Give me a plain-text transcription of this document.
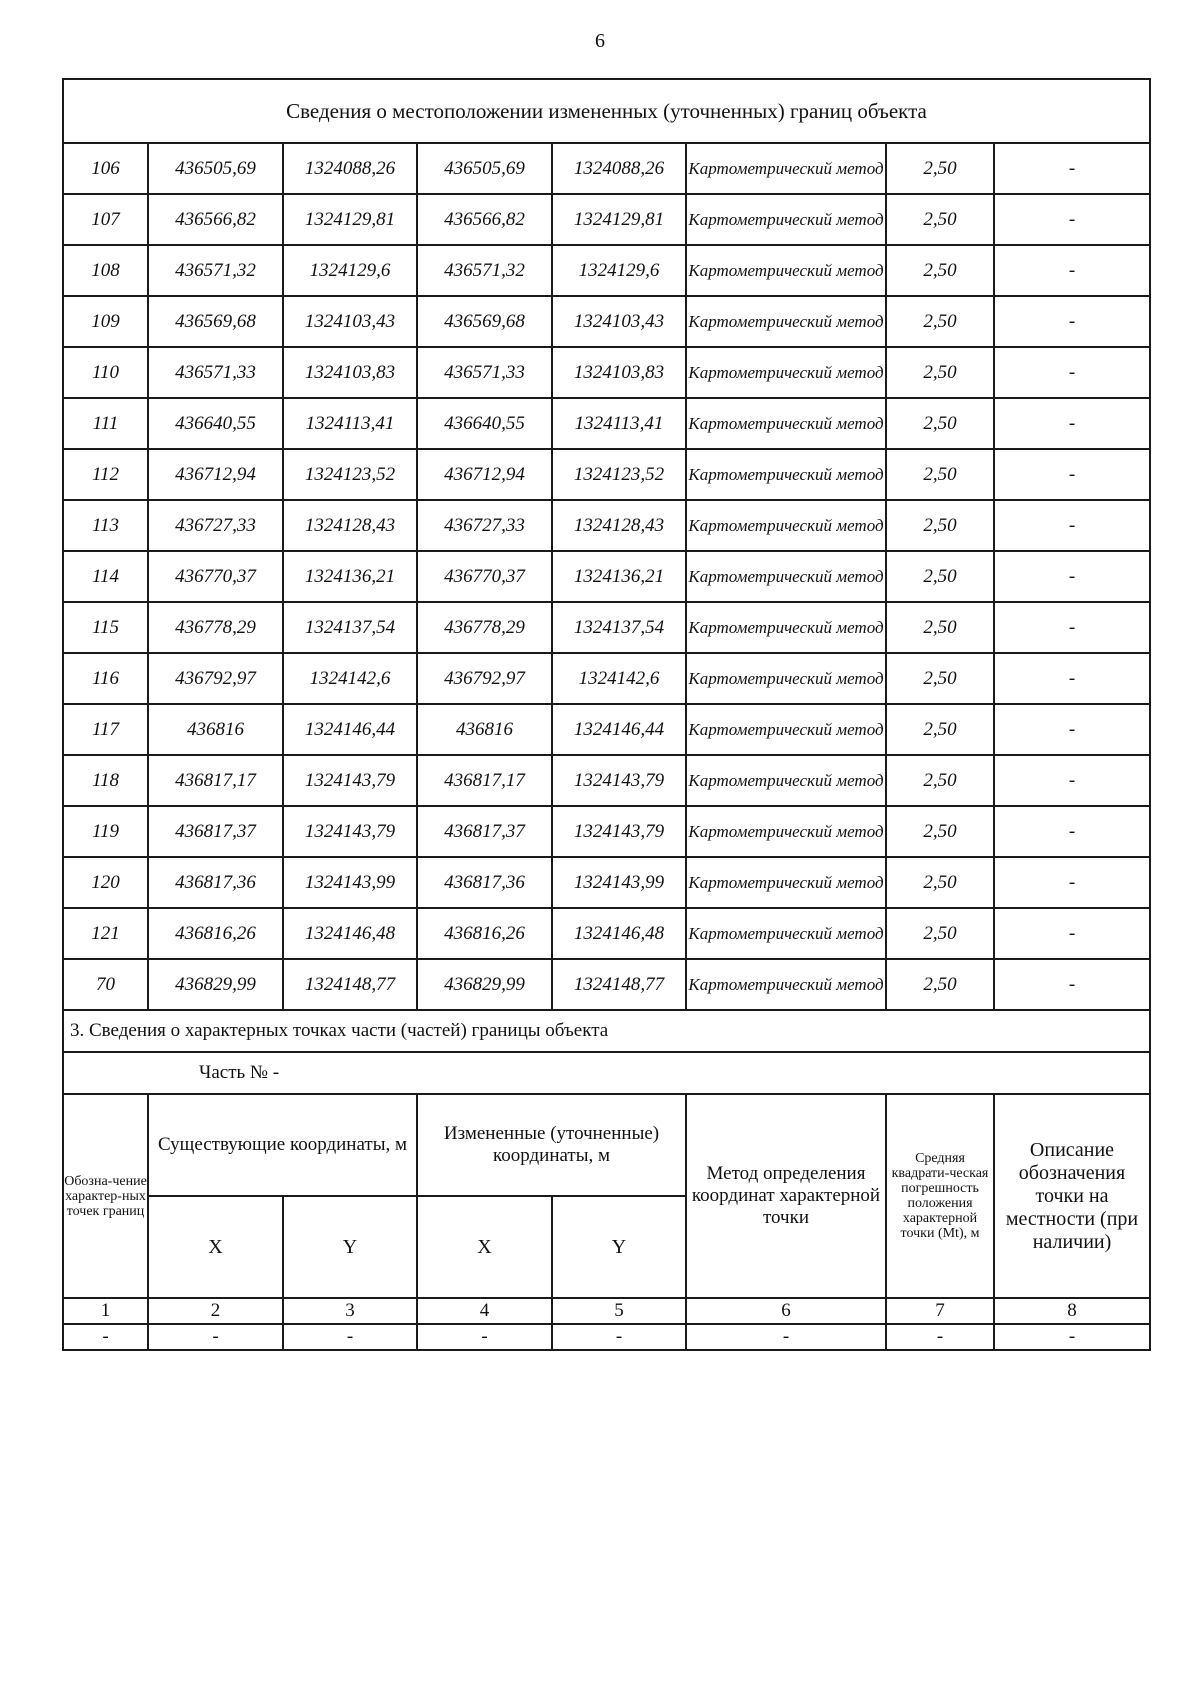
6
Сведения о местоположении измененных (уточненных) границ объекта							
106	436505,69	1324088,26	436505,69	1324088,26	Картометрический метод	2,50	-
107	436566,82	1324129,81	436566,82	1324129,81	Картометрический метод	2,50	-
108	436571,32	1324129,6	436571,32	1324129,6	Картометрический метод	2,50	-
109	436569,68	1324103,43	436569,68	1324103,43	Картометрический метод	2,50	-
110	436571,33	1324103,83	436571,33	1324103,83	Картометрический метод	2,50	-
111	436640,55	1324113,41	436640,55	1324113,41	Картометрический метод	2,50	-
112	436712,94	1324123,52	436712,94	1324123,52	Картометрический метод	2,50	-
113	436727,33	1324128,43	436727,33	1324128,43	Картометрический метод	2,50	-
114	436770,37	1324136,21	436770,37	1324136,21	Картометрический метод	2,50	-
115	436778,29	1324137,54	436778,29	1324137,54	Картометрический метод	2,50	-
116	436792,97	1324142,6	436792,97	1324142,6	Картометрический метод	2,50	-
117	436816	1324146,44	436816	1324146,44	Картометрический метод	2,50	-
118	436817,17	1324143,79	436817,17	1324143,79	Картометрический метод	2,50	-
119	436817,37	1324143,79	436817,37	1324143,79	Картометрический метод	2,50	-
120	436817,36	1324143,99	436817,36	1324143,99	Картометрический метод	2,50	-
121	436816,26	1324146,48	436816,26	1324146,48	Картометрический метод	2,50	-
70	436829,99	1324148,77	436829,99	1324148,77	Картометрический метод	2,50	-
3. Сведения о характерных точках части (частей) границы объекта							
Часть № -							
Обозна-чение характер-ных точек границ	Существующие координаты, м		Измененные (уточненные) координаты, м		Метод определения координат характерной точки	Средняя квадрати-ческая погрешность положения характерной точки (Mt), м	Описание обозначения точки на местности (при наличии)
	X	Y	X	Y			
1	2	3	4	5	6	7	8
-	-	-	-	-	-	-	-
